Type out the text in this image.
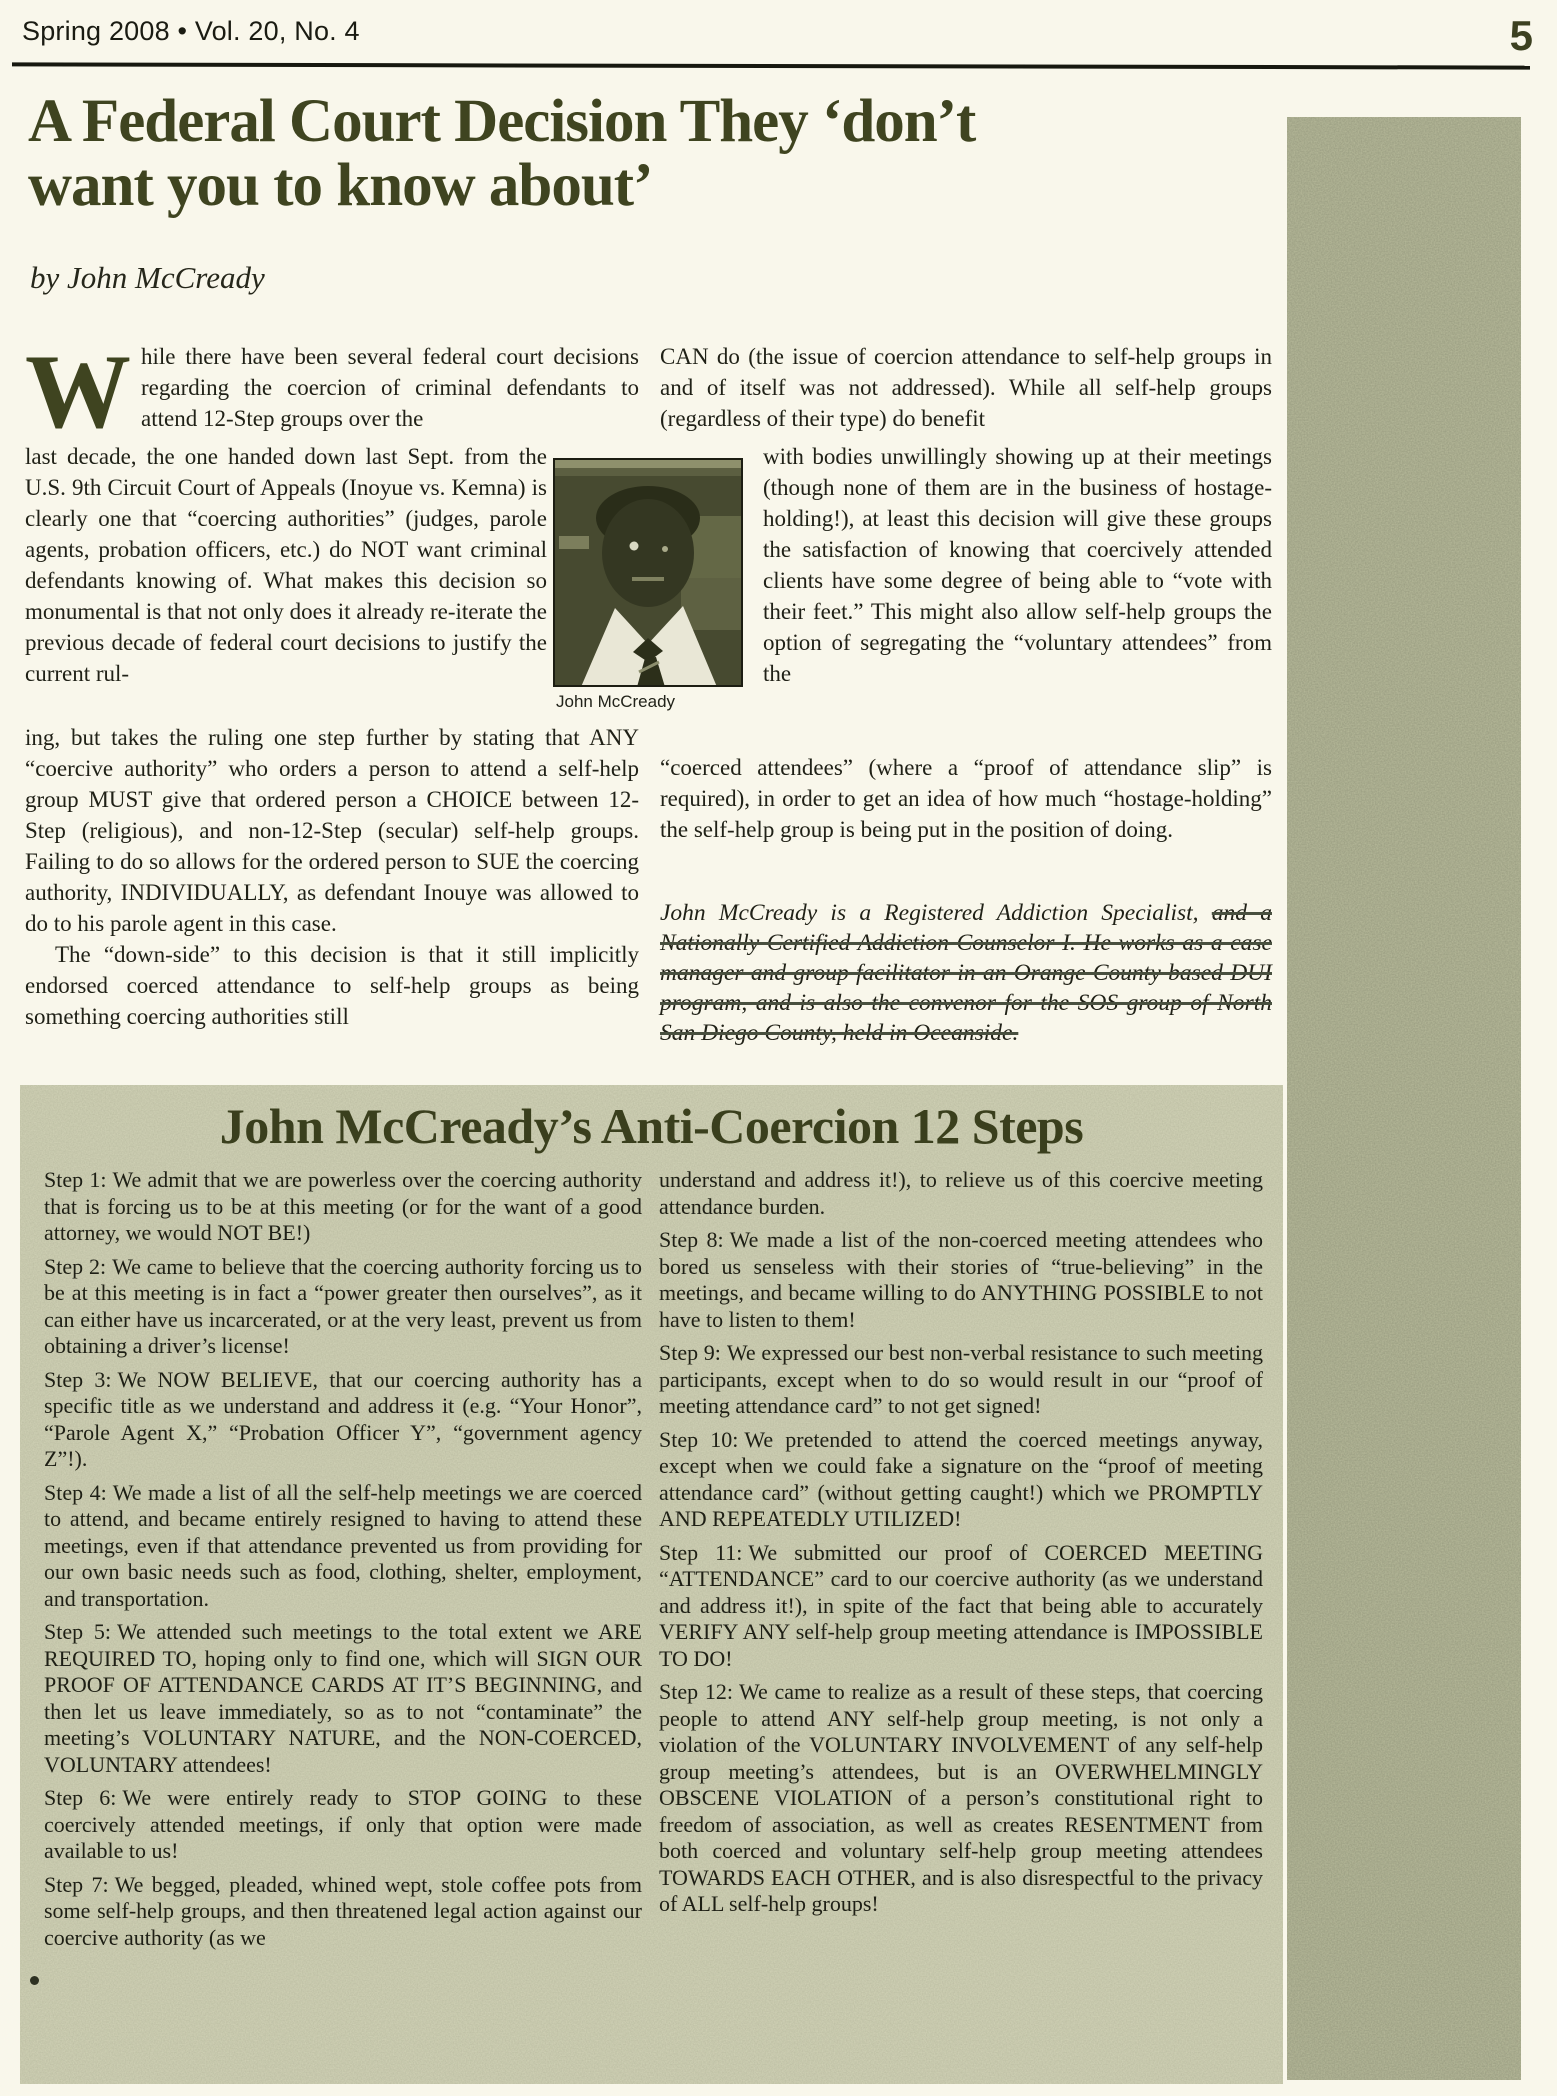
Spring 2008 • Vol. 20, No. 4	5
A Federal Court Decision They ‘don’t
want you to know about’
by John McCready
W hile there have been several federal court decisions regarding the coercion of criminal defendants to attend 12-Step groups over the

last decade, the one handed down last Sept. from the U.S. 9th Circuit Court of Appeals (Inoyue vs. Kemna) is clearly one that “coercing authorities” (judges, parole agents, probation officers, etc.) do NOT want criminal defendants knowing of. What makes this decision so monumental is that not only does it already re-iterate the previous decade of federal court decisions to justify the current rul-

ing, but takes the ruling one step further by stating that ANY “coercive authority” who orders a person to attend a self-help group MUST give that ordered person a CHOICE between 12-Step (religious), and non-12-Step (secular) self-help groups. Failing to do so allows for the ordered person to SUE the coercing authority, INDIVIDUALLY, as defendant Inouye was allowed to do to his parole agent in this case.

The “down-side” to this decision is that it still implicitly endorsed coerced attendance to self-help groups as being something coercing authorities still

John McCready

CAN do (the issue of coercion attendance to self-help groups in and of itself was not addressed). While all self-help groups (regardless of their type) do benefit

with bodies unwillingly showing up at their meetings (though none of them are in the business of hostage-holding!), at least this decision will give these groups the satisfaction of knowing that coercively attended clients have some degree of being able to “vote with their feet.” This might also allow self-help groups the option of segregating the “voluntary attendees” from the

“coerced attendees” (where a “proof of attendance slip” is required), in order to get an idea of how much “hostage-holding” the self-help group is being put in the position of doing.

John McCready is a Registered Addiction Specialist, and a Nationally Certified Addiction Counselor I. He works as a case manager and group facilitator in an Orange County based DUI program, and is also the convenor for the SOS group of North San Diego County, held in Oceanside.
John McCready’s Anti-Coercion 12 Steps

Step 1: We admit that we are powerless over the coercing authority that is forcing us to be at this meeting (or for the want of a good attorney, we would NOT BE!)

Step 2: We came to believe that the coercing authority forcing us to be at this meeting is in fact a “power greater then ourselves”, as it can either have us incarcerated, or at the very least, prevent us from obtaining a driver’s license!

Step 3: We NOW BELIEVE, that our coercing authority has a specific title as we understand and address it (e.g. “Your Honor”, “Parole Agent X,” “Probation Officer Y”, “government agency Z”!).

Step 4: We made a list of all the self-help meetings we are coerced to attend, and became entirely resigned to having to attend these meetings, even if that attendance prevented us from providing for our own basic needs such as food, clothing, shelter, employment, and transportation.

Step 5: We attended such meetings to the total extent we ARE REQUIRED TO, hoping only to find one, which will SIGN OUR PROOF OF ATTENDANCE CARDS AT IT’S BEGINNING, and then let us leave immediately, so as to not “contaminate” the meeting’s VOLUNTARY NATURE, and the NON-COERCED, VOLUNTARY attendees!

Step 6: We were entirely ready to STOP GOING to these coercively attended meetings, if only that option were made available to us!

Step 7: We begged, pleaded, whined wept, stole coffee pots from some self-help groups, and then threatened legal action against our coercive authority (as we

understand and address it!), to relieve us of this coercive meeting attendance burden.

Step 8: We made a list of the non-coerced meeting attendees who bored us senseless with their stories of “true-believing” in the meetings, and became willing to do ANYTHING POSSIBLE to not have to listen to them!

Step 9: We expressed our best non-verbal resistance to such meeting participants, except when to do so would result in our “proof of meeting attendance card” to not get signed!

Step 10: We pretended to attend the coerced meetings anyway, except when we could fake a signature on the “proof of meeting attendance card” (without getting caught!) which we PROMPTLY AND REPEATEDLY UTILIZED!

Step 11: We submitted our proof of COERCED MEETING “ATTENDANCE” card to our coercive authority (as we understand and address it!), in spite of the fact that being able to accurately VERIFY ANY self-help group meeting attendance is IMPOSSIBLE TO DO!

Step 12: We came to realize as a result of these steps, that coercing people to attend ANY self-help group meeting, is not only a violation of the VOLUNTARY INVOLVEMENT of any self-help group meeting’s attendees, but is an OVERWHELMINGLY OBSCENE VIOLATION of a person’s constitutional right to freedom of association, as well as creates RESENTMENT from both coerced and voluntary self-help group meeting attendees TOWARDS EACH OTHER, and is also disrespectful to the privacy of ALL self-help groups!
